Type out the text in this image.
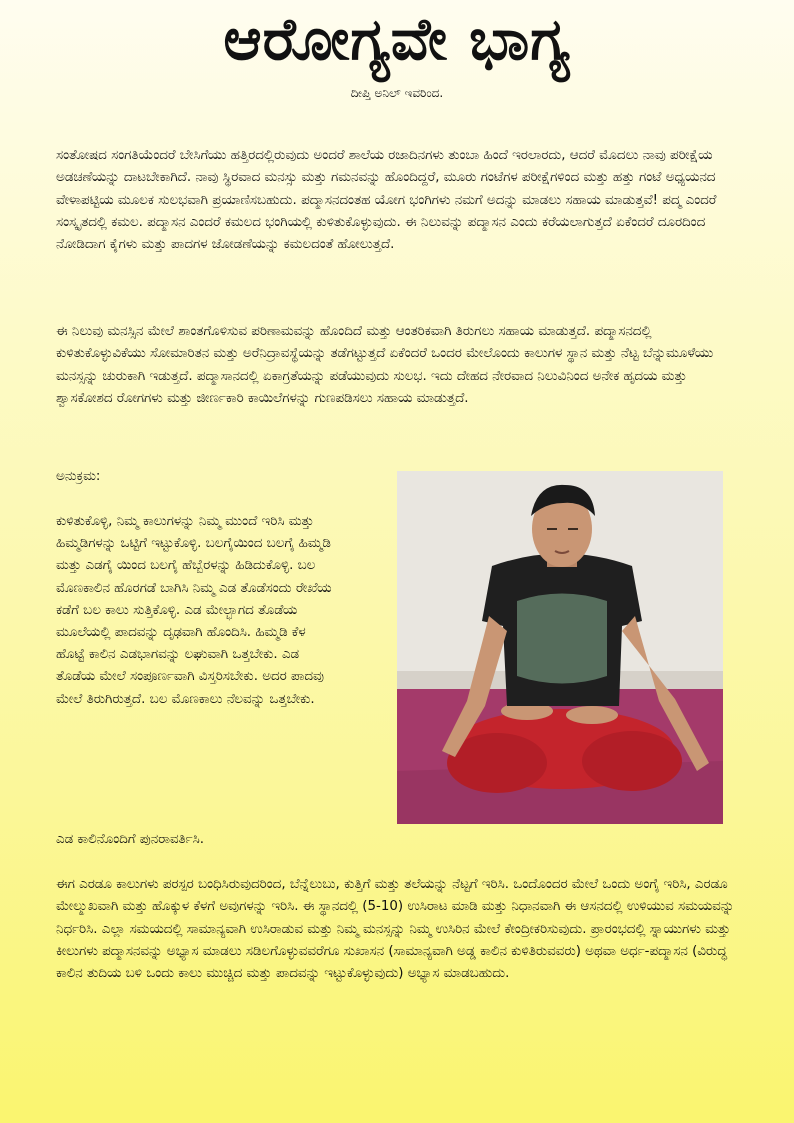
ಆರೋಗ್ಯವೇ ಭಾಗ್ಯ
ದೀಪ್ತಿ ಅನಿಲ್ ಇವರಿಂದ.

ಸಂತೋಷದ ಸಂಗತಿಯೆಂದರೆ ಬೇಸಿಗೆಯು ಹತ್ತಿರದಲ್ಲಿರುವುದು ಅಂದರೆ ಶಾಲೆಯ ರಜಾದಿನಗಳು ತುಂಬಾ ಹಿಂದೆ ಇರಲಾರದು, ಆದರೆ ಮೊದಲು ನಾವು ಪರೀಕ್ಷೆಯ ಅಡಚಣೆಯನ್ನು ದಾಟಬೇಕಾಗಿದೆ. ನಾವು ಸ್ಥಿರವಾದ ಮನಸ್ಸು ಮತ್ತು ಗಮನವನ್ನು ಹೊಂದಿದ್ದರೆ, ಮೂರು ಗಂಟೆಗಳ ಪರೀಕ್ಷೆಗಳಿಂದ ಮತ್ತು ಹತ್ತು ಗಂಟೆ ಅಧ್ಯಯನದ ವೇಳಾಪಟ್ಟಿಯ ಮೂಲಕ ಸುಲಭವಾಗಿ ಪ್ರಯಾಣಿಸಬಹುದು. ಪದ್ಮಾಸನದಂತಹ ಯೋಗ ಭಂಗಿಗಳು ನಮಗೆ ಅದನ್ನು ಮಾಡಲು ಸಹಾಯ ಮಾಡುತ್ತವೆ! ಪದ್ಮ ಎಂದರೆ ಸಂಸ್ಕೃತದಲ್ಲಿ ಕಮಲ. ಪದ್ಮಾಸನ ಎಂದರೆ ಕಮಲದ ಭಂಗಿಯಲ್ಲಿ ಕುಳಿತುಕೊಳ್ಳುವುದು. ಈ ನಿಲುವನ್ನು ಪದ್ಮಾಸನ ಎಂದು ಕರೆಯಲಾಗುತ್ತದೆ ಏಕೆಂದರೆ ದೂರದಿಂದ ನೋಡಿದಾಗ ಕೈಗಳು ಮತ್ತು ಪಾದಗಳ ಜೋಡಣೆಯನ್ನು ಕಮಲದಂತೆ ಹೋಲುತ್ತದೆ.

ಈ ನಿಲುವು ಮನಸ್ಸಿನ ಮೇಲೆ ಶಾಂತಗೊಳಿಸುವ ಪರಿಣಾಮವನ್ನು ಹೊಂದಿದೆ ಮತ್ತು ಆಂತರಿಕವಾಗಿ ತಿರುಗಲು ಸಹಾಯ ಮಾಡುತ್ತದೆ. ಪದ್ಮಾಸನದಲ್ಲಿ ಕುಳಿತುಕೊಳ್ಳುವಿಕೆಯು ಸೋಮಾರಿತನ ಮತ್ತು ಅರೆನಿದ್ರಾವಸ್ಥೆಯನ್ನು ತಡೆಗಟ್ಟುತ್ತದೆ ಏಕೆಂದರೆ ಒಂದರ ಮೇಲೊಂದು ಕಾಲುಗಳ ಸ್ಥಾನ ಮತ್ತು ನೆಟ್ಟ ಬೆನ್ನುಮೂಳೆಯು ಮನಸ್ಸನ್ನು ಚುರುಕಾಗಿ ಇಡುತ್ತದೆ. ಪದ್ಮಾಸಾನದಲ್ಲಿ ಏಕಾಗ್ರತೆಯನ್ನು ಪಡೆಯುವುದು ಸುಲಭ. ಇದು ದೇಹದ ನೇರವಾದ ನಿಲುವಿನಿಂದ ಅನೇಕ ಹೃದಯ ಮತ್ತು ಶ್ವಾಸಕೋಶದ ರೋಗಗಳು ಮತ್ತು ಜೀರ್ಣಕಾರಿ ಕಾಯಿಲೆಗಳನ್ನು ಗುಣಪಡಿಸಲು ಸಹಾಯ ಮಾಡುತ್ತದೆ.

ಅನುಕ್ರಮ:

ಕುಳಿತುಕೊಳ್ಳಿ, ನಿಮ್ಮ ಕಾಲುಗಳನ್ನು ನಿಮ್ಮ ಮುಂದೆ ಇರಿಸಿ ಮತ್ತು ಹಿಮ್ಮಡಿಗಳನ್ನು ಒಟ್ಟಿಗೆ ಇಟ್ಟುಕೊಳ್ಳಿ. ಬಲಗೈಯಿಂದ ಬಲಗೈ ಹಿಮ್ಮಡಿ ಮತ್ತು ಎಡಗೈ ಯಿಂದ ಬಲಗೈ ಹೆಬ್ಬೆರಳನ್ನು ಹಿಡಿದುಕೊಳ್ಳಿ. ಬಲ ಮೊಣಕಾಲಿನ ಹೊರಗಡೆ ಬಾಗಿಸಿ ನಿಮ್ಮ ಎಡ ತೊಡೆಸಂದು ರೇಖೆಯ ಕಡೆಗೆ ಬಲ ಕಾಲು ಸುತ್ತಿಕೊಳ್ಳಿ. ಎಡ ಮೇಲ್ಭಾಗದ ತೊಡೆಯ ಮೂಲೆಯಲ್ಲಿ ಪಾದವನ್ನು ದೃಢವಾಗಿ ಹೊಂದಿಸಿ. ಹಿಮ್ಮಡಿ ಕೆಳ ಹೊಟ್ಟೆ ಕಾಲಿನ ಎಡಭಾಗವನ್ನು ಲಘುವಾಗಿ ಒತ್ತಬೇಕು. ಎಡ ತೊಡೆಯ ಮೇಲೆ ಸಂಪೂರ್ಣವಾಗಿ ವಿಸ್ತರಿಸಬೇಕು. ಅದರ ಪಾದವು ಮೇಲೆ ತಿರುಗಿರುತ್ತದೆ. ಬಲ ಮೊಣಕಾಲು ನೆಲವನ್ನು ಒತ್ತಬೇಕು.

ಎಡ ಕಾಲಿನೊಂದಿಗೆ ಪುನರಾವರ್ತಿಸಿ.

ಈಗ ಎರಡೂ ಕಾಲುಗಳು ಪರಸ್ಪರ ಬಂಧಿಸಿರುವುದರಿಂದ, ಬೆನ್ನೆಲುಬು, ಕುತ್ತಿಗೆ ಮತ್ತು ತಲೆಯನ್ನು ನೆಟ್ಟಗೆ ಇರಿಸಿ. ಒಂದೊಂದರ ಮೇಲೆ ಒಂದು ಅಂಗೈ ಇರಿಸಿ, ಎರಡೂ ಮೇಲ್ಮುಖವಾಗಿ ಮತ್ತು ಹೊಕ್ಕುಳ ಕೆಳಗೆ ಅವುಗಳನ್ನು ಇರಿಸಿ. ಈ ಸ್ಥಾನದಲ್ಲಿ (5-10) ಉಸಿರಾಟ ಮಾಡಿ ಮತ್ತು ನಿಧಾನವಾಗಿ ಈ ಆಸನದಲ್ಲಿ ಉಳಿಯುವ ಸಮಯವನ್ನು ನಿರ್ಧರಿಸಿ. ಎಲ್ಲಾ ಸಮಯದಲ್ಲಿ ಸಾಮಾನ್ಯವಾಗಿ ಉಸಿರಾಡುವ ಮತ್ತು ನಿಮ್ಮ ಮನಸ್ಸನ್ನು ನಿಮ್ಮ ಉಸಿರಿನ ಮೇಲೆ ಕೇಂದ್ರೀಕರಿಸುವುದು. ಪ್ರಾರಂಭದಲ್ಲಿ ಸ್ನಾಯುಗಳು ಮತ್ತು ಕೀಲುಗಳು ಪದ್ಮಾಸನವನ್ನು ಅಭ್ಯಾಸ ಮಾಡಲು ಸಡಿಲಗೊಳ್ಳುವವರೆಗೂ ಸುಖಾಸನ (ಸಾಮಾನ್ಯವಾಗಿ ಅಡ್ಡ ಕಾಲಿನ ಕುಳಿತಿರುವವರು) ಅಥವಾ ಅರ್ಧ-ಪದ್ಮಾಸನ (ವಿರುದ್ಧ ಕಾಲಿನ ತುದಿಯ ಬಳಿ ಒಂದು ಕಾಲು ಮುಚ್ಚಿದ ಮತ್ತು ಪಾದವನ್ನು ಇಟ್ಟುಕೊಳ್ಳುವುದು) ಅಭ್ಯಾಸ ಮಾಡಬಹುದು.
